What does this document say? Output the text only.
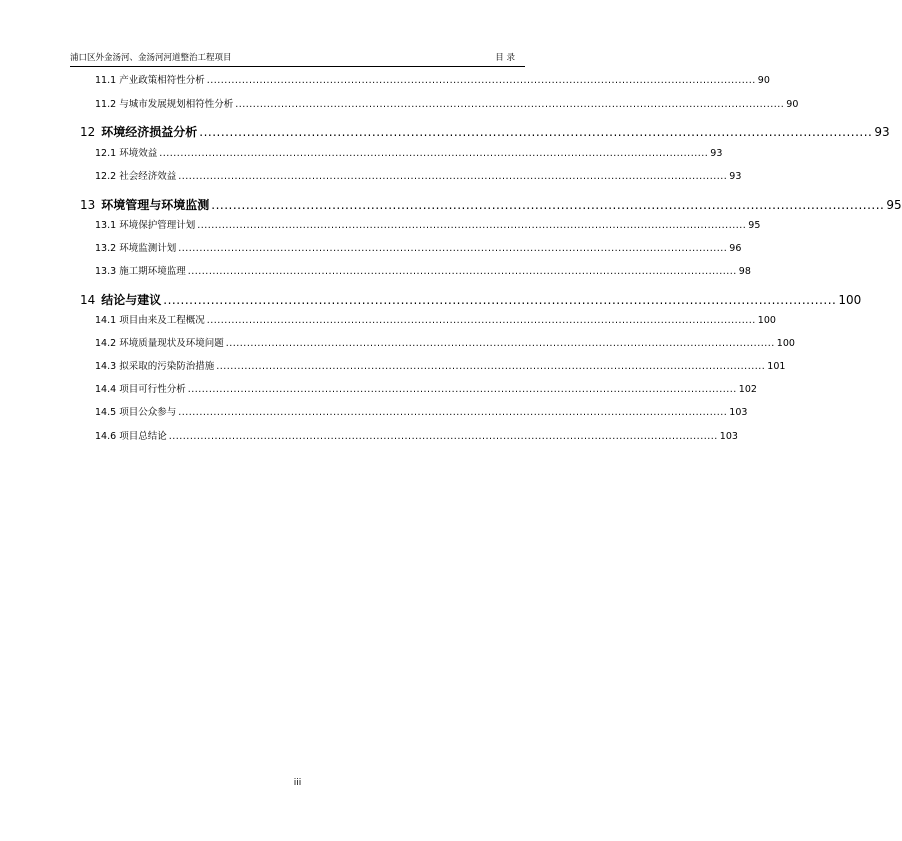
浦口区外金汤河、金汤河河道整治工程项目	目 录
11.1 产业政策相符性分析 ............................................................................................................................................................ 90
11.2 与城市发展规划相符性分析 ............................................................................................................................................................ 90
12 环境经济损益分析 ............................................................................................................................................................ 93
12.1 环境效益 ............................................................................................................................................................ 93
12.2 社会经济效益 ............................................................................................................................................................ 93
13 环境管理与环境监测 ............................................................................................................................................................ 95
13.1 环境保护管理计划 ............................................................................................................................................................ 95
13.2 环境监测计划 ............................................................................................................................................................ 96
13.3 施工期环境监理 ............................................................................................................................................................ 98
14 结论与建议 ............................................................................................................................................................ 100
14.1 项目由来及工程概况 ............................................................................................................................................................ 100
14.2 环境质量现状及环境问题 ............................................................................................................................................................ 100
14.3 拟采取的污染防治措施 ............................................................................................................................................................ 101
14.4 项目可行性分析 ............................................................................................................................................................ 102
14.5 项目公众参与 ............................................................................................................................................................ 103
14.6 项目总结论 ............................................................................................................................................................ 103
iii
